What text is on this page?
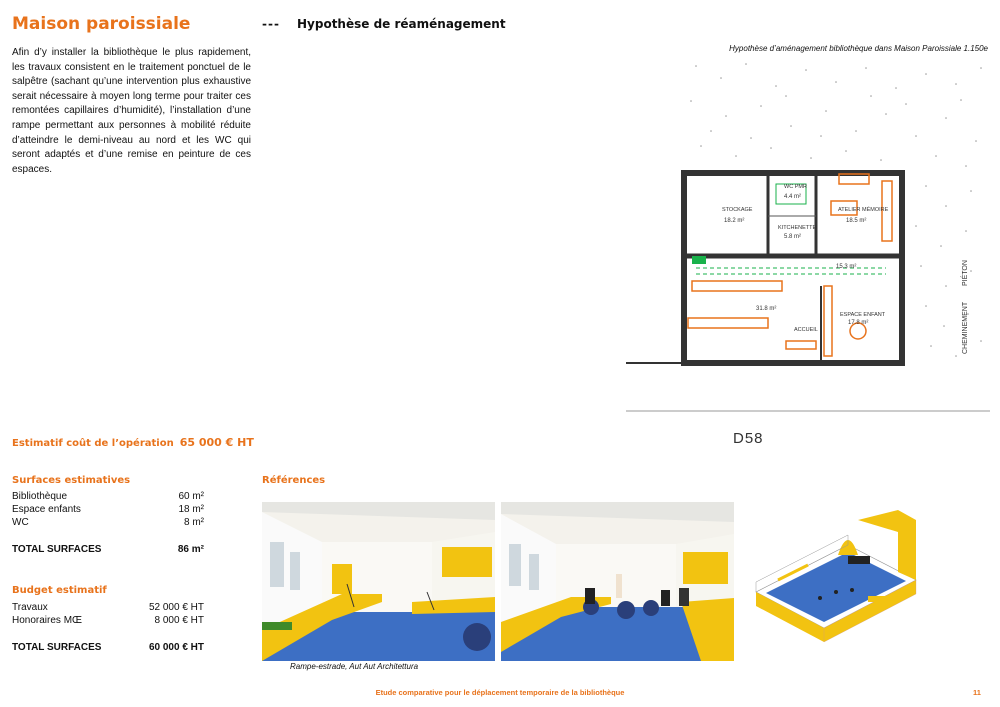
Maison paroissiale	--- Hypothèse de réaménagement

Afin d’y installer la bibliothèque le plus rapidement, les travaux consistent en le traitement ponctuel de le salpêtre (sachant qu’une intervention plus exhaustive serait nécessaire à moyen long terme pour traiter ces remontées capillaires d’humidité), l’installation d’une rampe permettant aux personnes à mobilité réduite d’atteindre le demi-niveau au nord et les WC qui seront adaptés et d’une remise en peinture de ces espaces.

Hypothèse d’aménagement bibliothèque dans Maison Paroissiale 1.150e
STOCKAGE
18.2 m²
WC PMR
4.4 m²
ATELIER MÉMOIRE
18.5 m²
KITCHENETTE
5.8 m²
15.3 m²
31.8 m²
ACCUEIL
ESPACE ENFANT
17.8 m²
PIÉTON
CHEMINEMENT
D58
Estimatif coût de l’opération 65 000 € HT
Surfaces estimatives
Bibliothèque	60 m²
Espace enfants	18 m²
WC	8 m²
TOTAL SURFACES	86 m²
Budget estimatif
Travaux	52 000 € HT
Honoraires MŒ	8 000 € HT
TOTAL SURFACES	60 000 € HT
Références
Rampe-estrade, Aut Aut Architettura
Etude comparative pour le déplacement temporaire de la bibliothèque	11
